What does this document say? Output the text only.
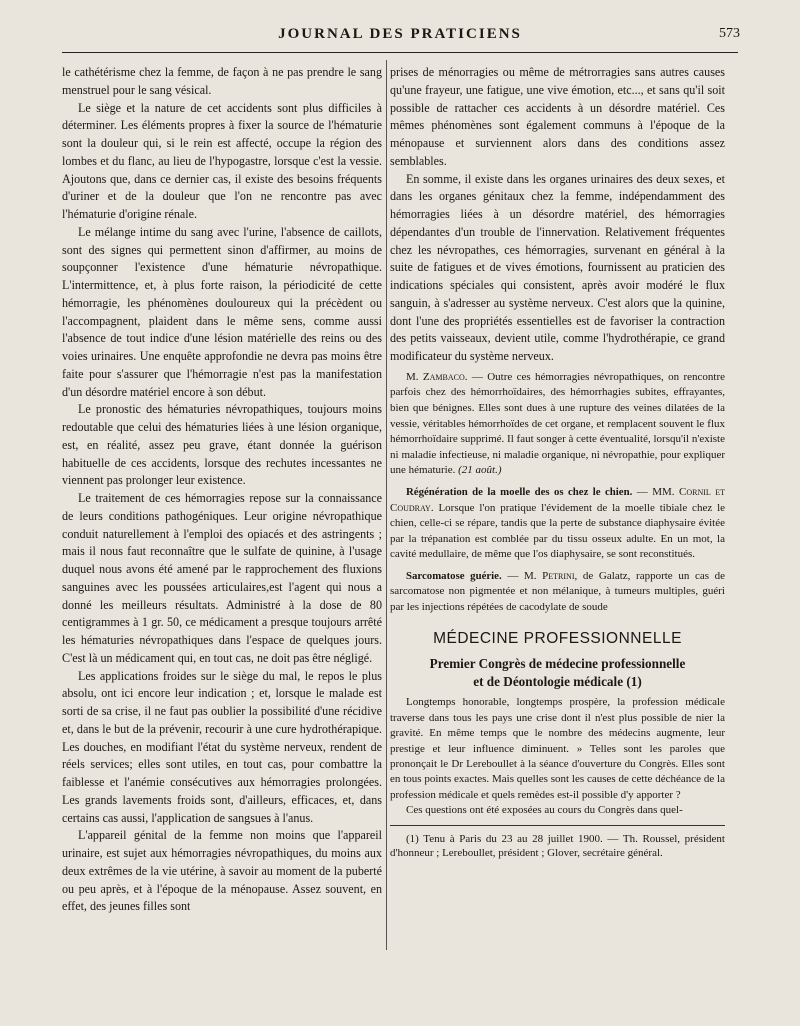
JOURNAL DES PRATICIENS	573

le cathétérisme chez la femme, de façon à ne pas prendre le sang menstruel pour le sang vésical.

Le siège et la nature de cet accidents sont plus difficiles à déterminer. Les éléments propres à fixer la source de l'hématurie sont la douleur qui, si le rein est affecté, occupe la région des lombes et du flanc, au lieu de l'hypogastre, lorsque c'est la vessie. Ajoutons que, dans ce dernier cas, il existe des besoins fréquents d'uriner et de la douleur que l'on ne rencontre pas avec l'hématurie d'origine rénale.

Le mélange intime du sang avec l'urine, l'absence de caillots, sont des signes qui permettent sinon d'affirmer, au moins de soupçonner l'existence d'une hématurie névropathique. L'intermittence, et, à plus forte raison, la périodicité de cette hémorragie, les phénomènes douloureux qui la précèdent ou l'accompagnent, plaident dans le même sens, comme aussi l'absence de tout indice d'une lésion matérielle des reins ou des voies urinaires. Une enquête approfondie ne devra pas moins être faite pour s'assurer que l'hémorragie n'est pas la manifestation d'un désordre matériel encore à son début.

Le pronostic des hématuries névropathiques, toujours moins redoutable que celui des hématuries liées à une lésion organique, est, en réalité, assez peu grave, étant donnée la guérison habituelle de ces accidents, lorsque des rechutes incessantes ne viennent pas prolonger leur existence.

Le traitement de ces hémorragies repose sur la connaissance de leurs conditions pathogéniques. Leur origine névropathique conduit naturellement à l'emploi des opiacés et des astringents ; mais il nous faut reconnaître que le sulfate de quinine, à l'usage duquel nous avons été amené par le rapprochement des fluxions sanguines avec les poussées articulaires,est l'agent qui nous a donné les meilleurs résultats. Administré à la dose de 80 centigrammes à 1 gr. 50, ce médicament a presque toujours arrêté les hématuries névropathiques dans l'espace de quelques jours. C'est là un médicament qui, en tout cas, ne doit pas être négligé.

Les applications froides sur le siège du mal, le repos le plus absolu, ont ici encore leur indication ; et, lorsque le malade est sorti de sa crise, il ne faut pas oublier la possibilité d'une récidive et, dans le but de la prévenir, recourir à une cure hydrothérapique. Les douches, en modifiant l'état du système nerveux, rendent de réels services; elles sont utiles, en tout cas, pour combattre la faiblesse et l'anémie consécutives aux hémorragies prolongées. Les grands lavements froids sont, d'ailleurs, efficaces, et, dans certains cas aussi, l'application de sangsues à l'anus.

L'appareil génital de la femme non moins que l'appareil urinaire, est sujet aux hémorragies névropathiques, du moins aux deux extrêmes de la vie utérine, à savoir au moment de la puberté ou peu après, et à l'époque de la ménopause. Assez souvent, en effet, des jeunes filles sont

prises de ménorragies ou même de métrorragies sans autres causes qu'une frayeur, une fatigue, une vive émotion, etc..., et sans qu'il soit possible de rattacher ces accidents à un désordre matériel. Ces mêmes phénomènes sont également communs à l'époque de la ménopause et surviennent alors dans des conditions assez semblables.

En somme, il existe dans les organes urinaires des deux sexes, et dans les organes génitaux chez la femme, indépendamment des hémorragies liées à un désordre matériel, des hémorragies dépendantes d'un trouble de l'innervation. Relativement fréquentes chez les névropathes, ces hémorragies, survenant en général à la suite de fatigues et de vives émotions, fournissent au praticien des indications spéciales qui consistent, après avoir modéré le flux sanguin, à s'adresser au système nerveux. C'est alors que la quinine, dont l'une des propriétés essentielles est de favoriser la contraction des petits vaisseaux, devient utile, comme l'hydrothérapie, ce grand modificateur du système nerveux.

M. Zambaco. — Outre ces hémorragies névropathiques, on rencontre parfois chez des hémorrhoïdaires, des hémorrhagies subites, effrayantes, bien que bénignes. Elles sont dues à une rupture des veines dilatées de la vessie, véritables hémorrhoïdes de cet organe, et remplacent souvent le flux hémorrhoïdaire supprimé. Il faut songer à cette éventualité, lorsqu'il n'existe ni maladie infectieuse, ni maladie organique, ni névropathie, pour expliquer une hématurie. (21 août.)

Régénération de la moelle des os chez le chien. — MM. Cornil et Coudray. Lorsque l'on pratique l'évidement de la moelle tibiale chez le chien, celle-ci se répare, tandis que la perte de substance diaphysaire évitée par la trépanation est comblée par du tissu osseux adulte. En un mot, la cavité medullaire, de même que l'os diaphysaire, se sont reconstitués.

Sarcomatose guérie. — M. Petrini, de Galatz, rapporte un cas de sarcomatose non pigmentée et non mélanique, à tumeurs multiples, guéri par les injections répétées de cacodylate de soude

MÉDECINE PROFESSIONNELLE
Premier Congrès de médecine professionnelle
et de Déontologie médicale (1)

Longtemps honorable, longtemps prospère, la profession médicale traverse dans tous les pays une crise dont il n'est plus possible de nier la gravité. En même temps que le nombre des médecins augmente, leur prestige et leur influence diminuent. » Telles sont les paroles que prononçait le Dr Lereboullet à la séance d'ouverture du Congrès. Elles sont en tous points exactes. Mais quelles sont les causes de cette déchéance de la profession médicale et quels remèdes est-il possible d'y apporter ?

Ces questions ont été exposées au cours du Congrès dans quel-

(1) Tenu à Paris du 23 au 28 juillet 1900. — Th. Roussel, président d'honneur ; Lereboullet, président ; Glover, secrétaire général.
